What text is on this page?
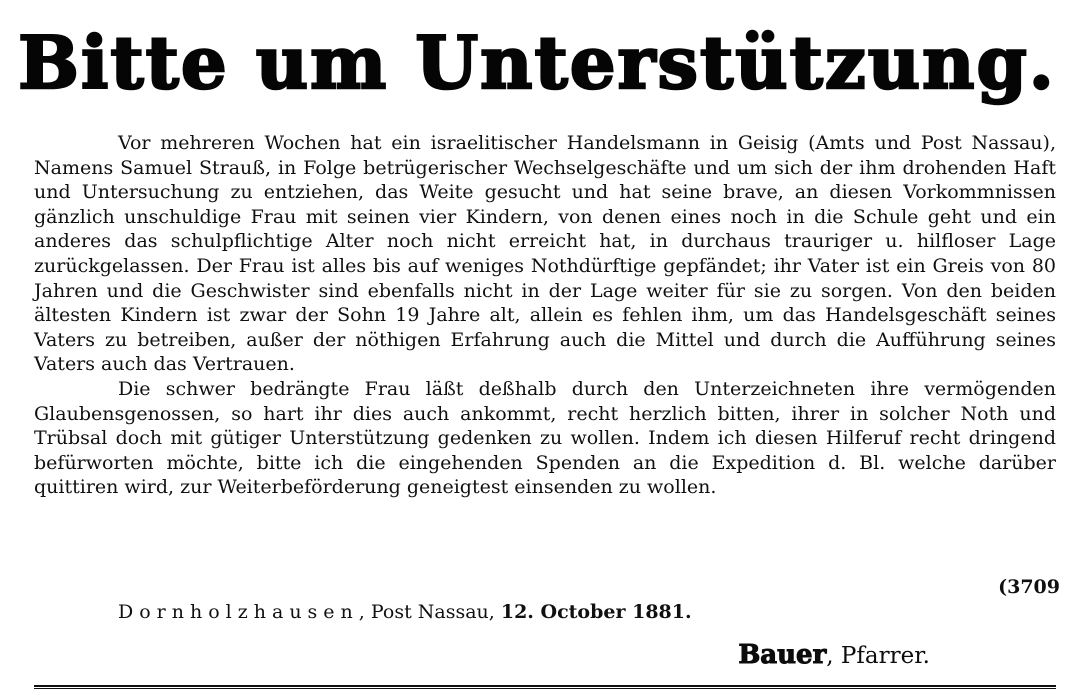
Bitte um Unterstützung.

Vor mehreren Wochen hat ein israelitischer Handelsmann in Geisig (Amts und Post Nassau), Namens Samuel Strauß, in Folge betrügerischer Wechselgeschäfte und um sich der ihm drohenden Haft und Untersuchung zu entziehen, das Weite gesucht und hat seine brave, an diesen Vorkommnissen gänzlich unschuldige Frau mit seinen vier Kindern, von denen eines noch in die Schule geht und ein anderes das schulpflichtige Alter noch nicht erreicht hat, in durchaus trauriger u. hilfloser Lage zurückgelassen. Der Frau ist alles bis auf weniges Nothdürftige gepfändet; ihr Vater ist ein Greis von 80 Jahren und die Geschwister sind ebenfalls nicht in der Lage weiter für sie zu sorgen. Von den beiden ältesten Kindern ist zwar der Sohn 19 Jahre alt, allein es fehlen ihm, um das Handelsgeschäft seines Vaters zu betreiben, außer der nöthigen Erfahrung auch die Mittel und durch die Aufführung seines Vaters auch das Vertrauen.

Die schwer bedrängte Frau läßt deßhalb durch den Unterzeichneten ihre vermögenden Glaubensgenossen, so hart ihr dies auch ankommt, recht herzlich bitten, ihrer in solcher Noth und Trübsal doch mit gütiger Unterstützung gedenken zu wollen. Indem ich diesen Hilferuf recht dringend befürworten möchte, bitte ich die eingehenden Spenden an die Expedition d. Bl. welche darüber quittiren wird, zur Weiterbeförderung geneigtest einsenden zu wollen.

(3709
Dornholzhausen, Post Nassau, 12. October 1881.
Bauer, Pfarrer.
